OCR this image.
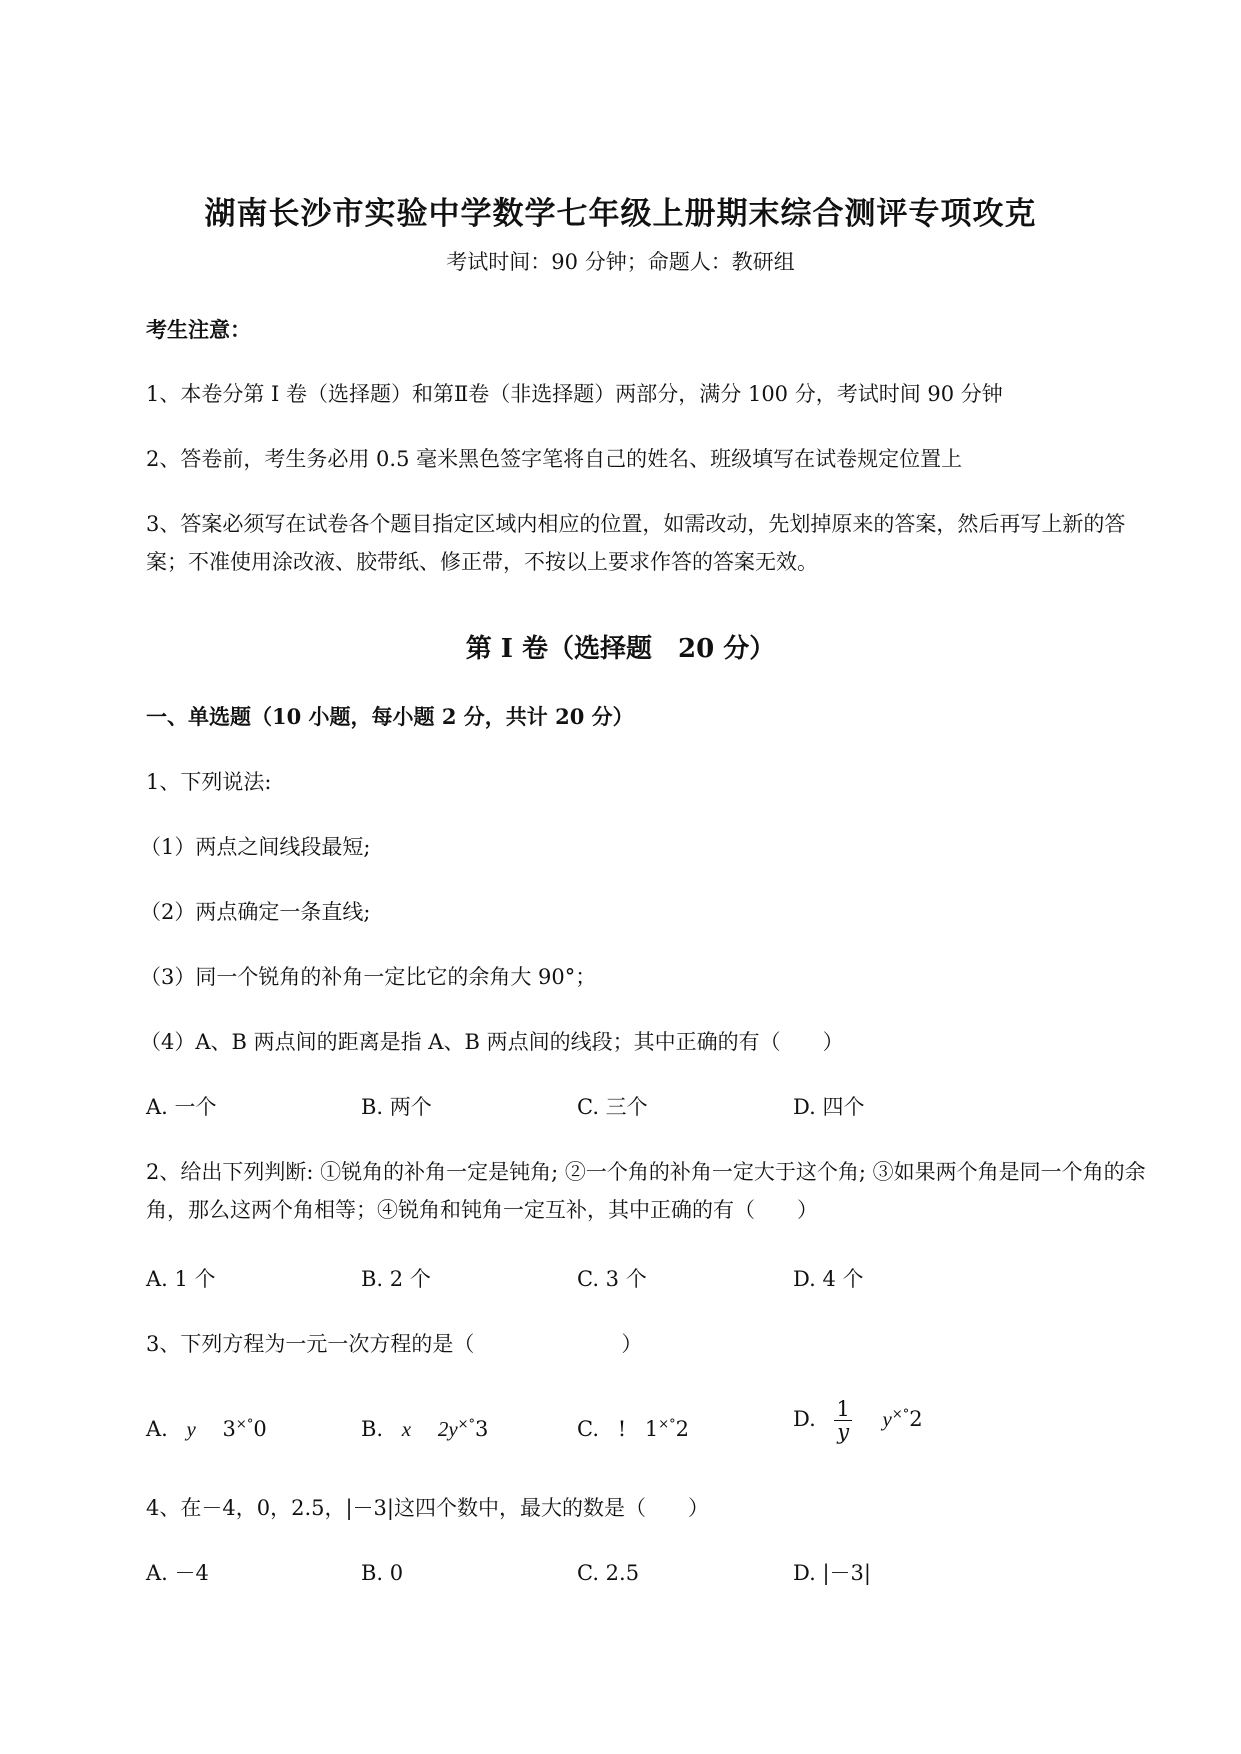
湖南长沙市实验中学数学七年级上册期末综合测评专项攻克
考试时间：90 分钟；命题人：教研组
考生注意：
1、本卷分第 I 卷（选择题）和第Ⅱ卷（非选择题）两部分，满分 100 分，考试时间 90 分钟
2、答卷前，考生务必用 0.5 毫米黑色签字笔将自己的姓名、班级填写在试卷规定位置上
3、答案必须写在试卷各个题目指定区域内相应的位置，如需改动，先划掉原来的答案，然后再写上新的答案；不准使用涂改液、胶带纸、修正带，不按以上要求作答的答案无效。
第 I 卷（选择题　20 分）
一、单选题（10 小题，每小题 2 分，共计 20 分）
1、下列说法:
（1）两点之间线段最短;
（2）两点确定一条直线;
（3）同一个锐角的补角一定比它的余角大 90°；
（4）A、B 两点间的距离是指 A、B 两点间的线段；其中正确的有（　　）
A. 一个	B. 两个	C. 三个	D. 四个
2、给出下列判断: ①锐角的补角一定是钝角; ②一个角的补角一定大于这个角; ③如果两个角是同一个角的余角，那么这两个角相等；④锐角和钝角一定互补，其中正确的有（　　）
A. 1 个	B. 2 个	C. 3 个	D. 4 个
3、下列方程为一元一次方程的是（　　　　　　　）
A. y 3×°0	B. x 2y×°3	C. ! 1×°2	D. $\frac{1}{y} y^{\times^\circ}2$
4、在－4，0，2.5，|－3|这四个数中，最大的数是（　　）
A. －4	B. 0	C. 2.5	D. |－3|
